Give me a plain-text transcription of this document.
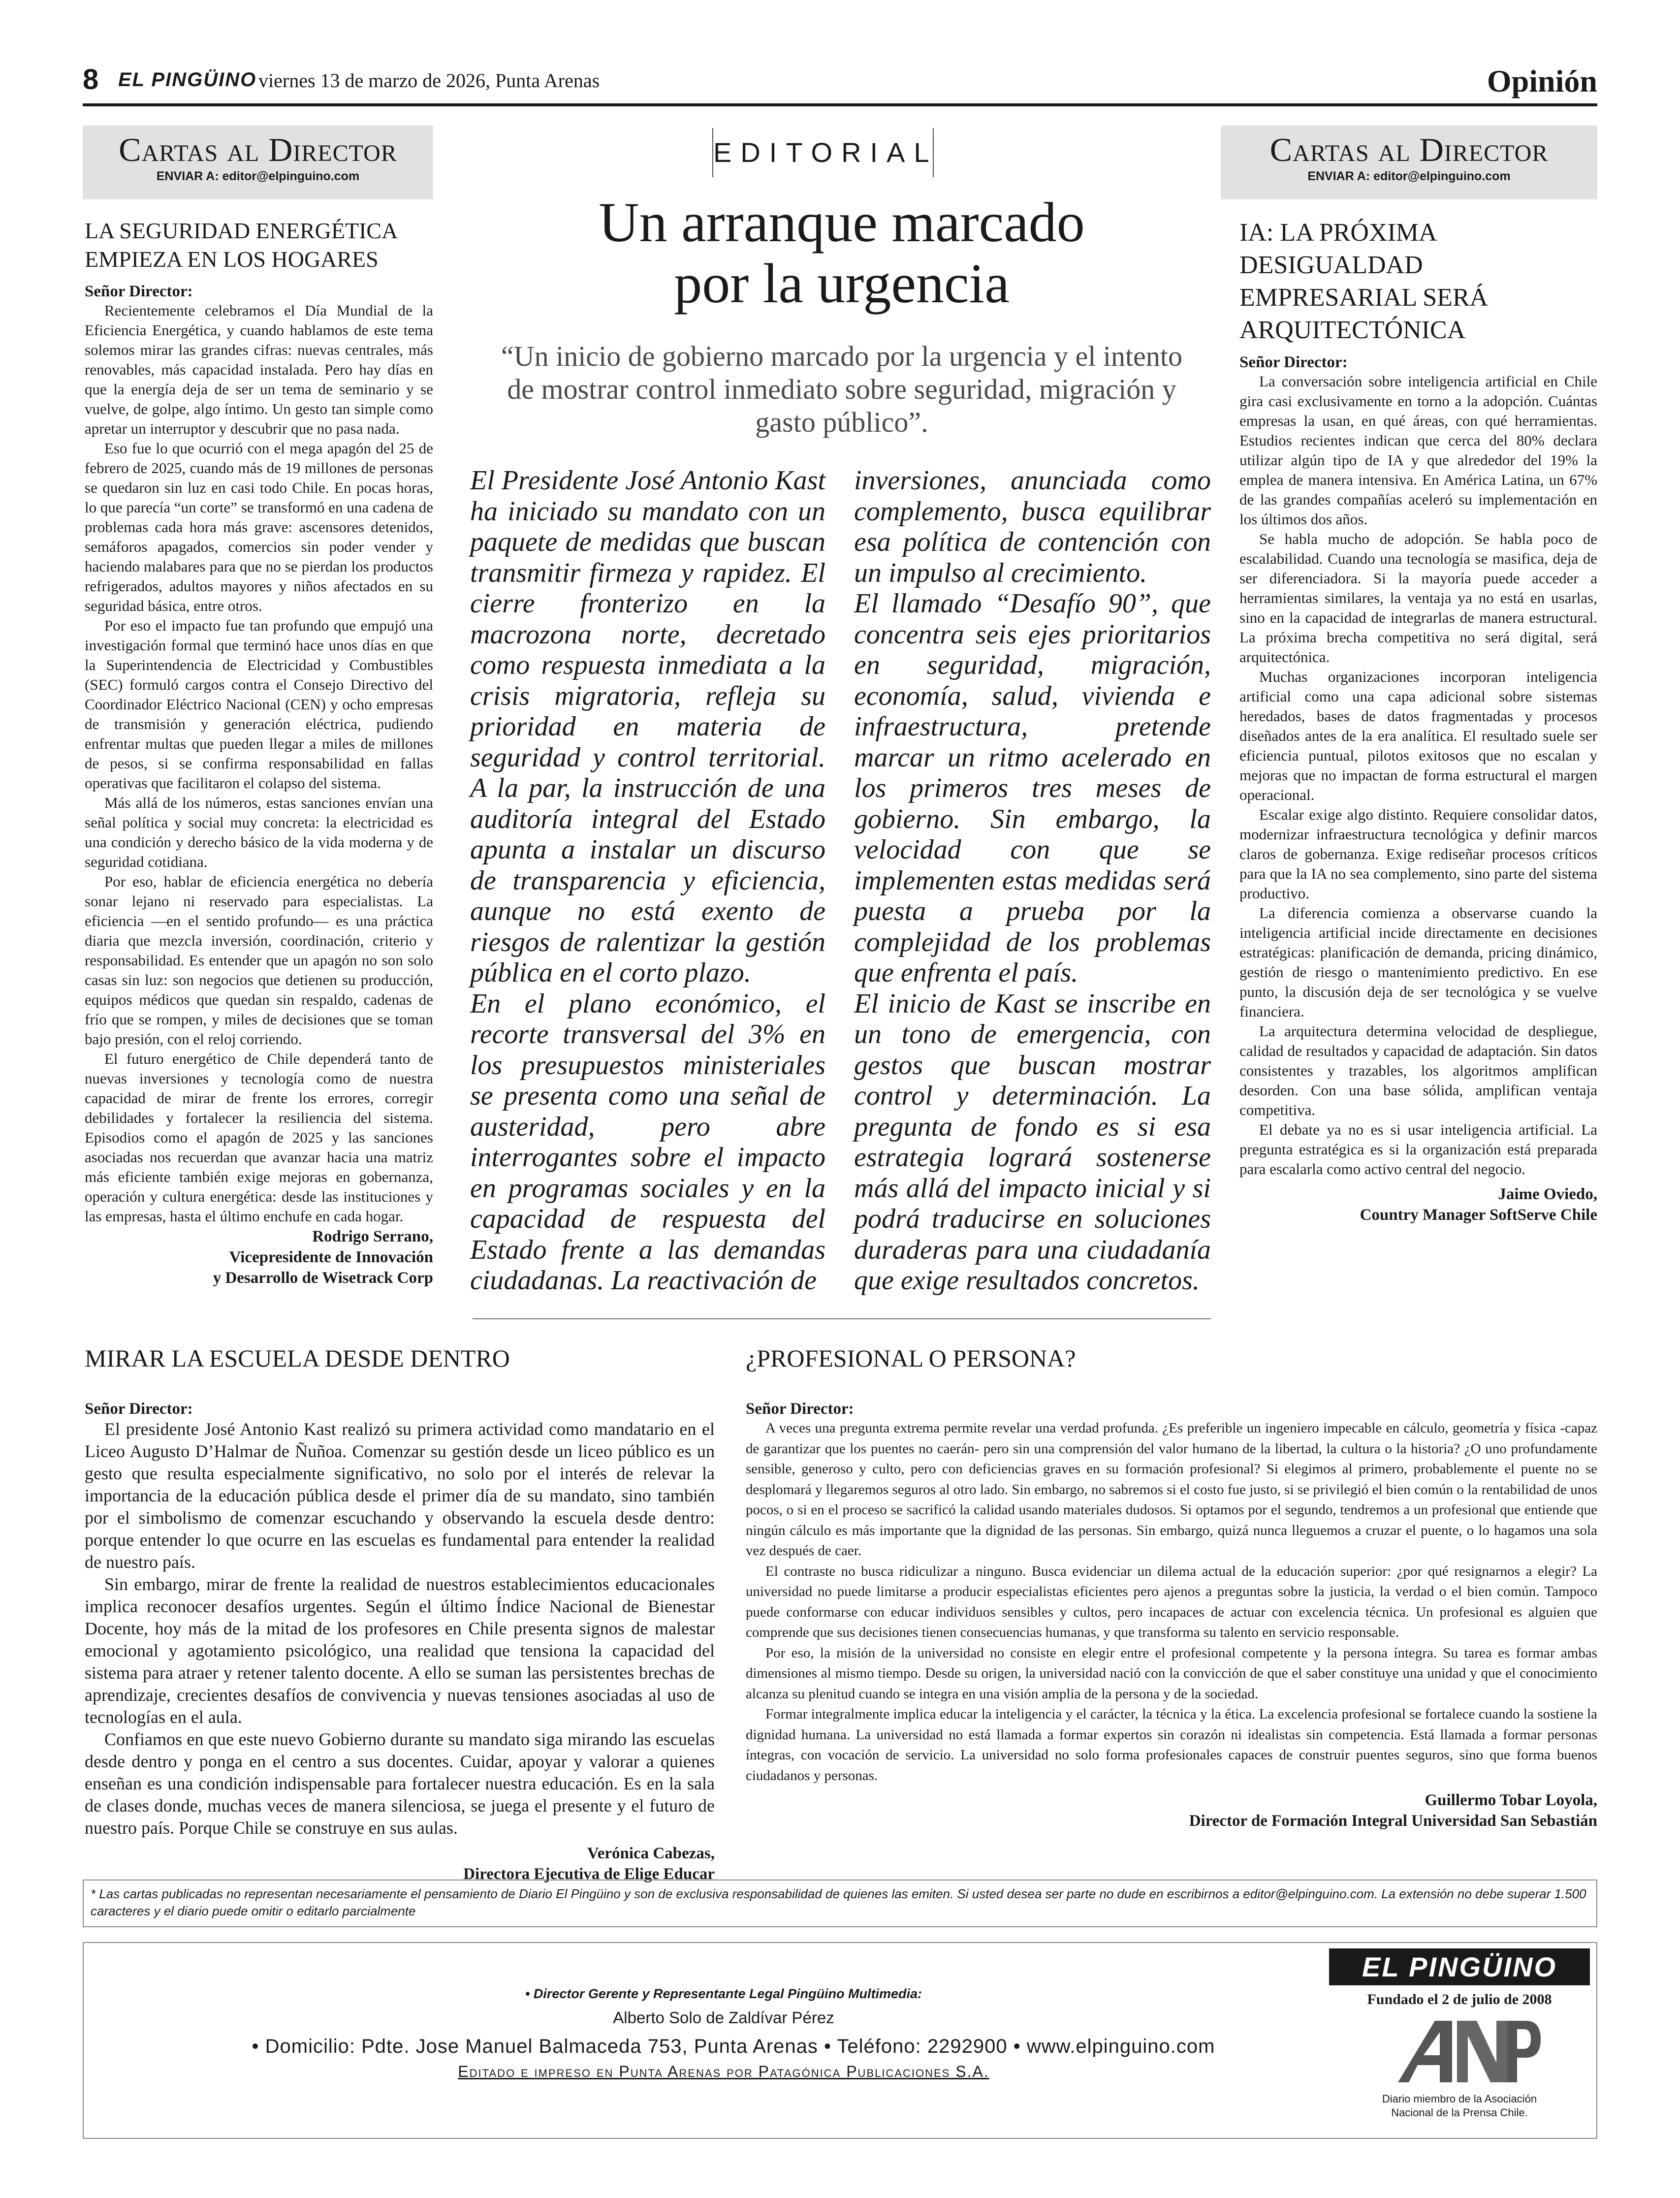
8 EL PINGÜINO viernes 13 de marzo de 2026, Punta Arenas	Opinión
Cartas al Director
ENVIAR A: editor@elpinguino.com
LA SEGURIDAD ENERGÉTICA EMPIEZA EN LOS HOGARES
Señor Director:

Recientemente celebramos el Día Mundial de la Eficiencia Energética, y cuando hablamos de este tema solemos mirar las grandes cifras: nuevas centrales, más renovables, más capacidad instalada. Pero hay días en que la energía deja de ser un tema de seminario y se vuelve, de golpe, algo íntimo. Un gesto tan simple como apretar un interruptor y descubrir que no pasa nada.

Eso fue lo que ocurrió con el mega apagón del 25 de febrero de 2025, cuando más de 19 millones de personas se quedaron sin luz en casi todo Chile. En pocas horas, lo que parecía “un corte” se transformó en una cadena de problemas cada hora más grave: ascensores detenidos, semáforos apagados, comercios sin poder vender y haciendo malabares para que no se pierdan los productos refrigerados, adultos mayores y niños afectados en su seguridad básica, entre otros.

Por eso el impacto fue tan profundo que empujó una investigación formal que terminó hace unos días en que la Superintendencia de Electricidad y Combustibles (SEC) formuló cargos contra el Consejo Directivo del Coordinador Eléctrico Nacional (CEN) y ocho empresas de transmisión y generación eléctrica, pudiendo enfrentar multas que pueden llegar a miles de millones de pesos, si se confirma responsabilidad en fallas operativas que facilitaron el colapso del sistema.

Más allá de los números, estas sanciones envían una señal política y social muy concreta: la electricidad es una condición y derecho básico de la vida moderna y de seguridad cotidiana.

Por eso, hablar de eficiencia energética no debería sonar lejano ni reservado para especialistas. La eficiencia —en el sentido profundo— es una práctica diaria que mezcla inversión, coordinación, criterio y responsabilidad. Es entender que un apagón no son solo casas sin luz: son negocios que detienen su producción, equipos médicos que quedan sin respaldo, cadenas de frío que se rompen, y miles de decisiones que se toman bajo presión, con el reloj corriendo.

El futuro energético de Chile dependerá tanto de nuevas inversiones y tecnología como de nuestra capacidad de mirar de frente los errores, corregir debilidades y fortalecer la resiliencia del sistema. Episodios como el apagón de 2025 y las sanciones asociadas nos recuerdan que avanzar hacia una matriz más eficiente también exige mejoras en gobernanza, operación y cultura energética: desde las instituciones y las empresas, hasta el último enchufe en cada hogar.

Rodrigo Serrano,
Vicepresidente de Innovación
y Desarrollo de Wisetrack Corp
EDITORIAL
Un arranque marcado
por la urgencia
“Un inicio de gobierno marcado por la urgencia y el intento de mostrar control inmediato sobre seguridad, migración y gasto público”.
El Presidente José Antonio Kast ha iniciado su mandato con un paquete de medidas que buscan transmitir firmeza y rapidez. El cierre fronterizo en la macrozona norte, decretado como respuesta inmediata a la crisis migratoria, refleja su prioridad en materia de seguridad y control territorial. A la par, la instrucción de una auditoría integral del Estado apunta a instalar un discurso de transparencia y eficiencia, aunque no está exento de riesgos de ralentizar la gestión pública en el corto plazo.
En el plano económico, el recorte transversal del 3% en los presupuestos ministeriales se presenta como una señal de austeridad, pero abre interrogantes sobre el impacto en programas sociales y en la capacidad de respuesta del Estado frente a las demandas ciudadanas. La reactivación de
inversiones, anunciada como complemento, busca equilibrar esa política de contención con un impulso al crecimiento.
El llamado “Desafío 90”, que concentra seis ejes prioritarios en seguridad, migración, economía, salud, vivienda e infraestructura, pretende marcar un ritmo acelerado en los primeros tres meses de gobierno. Sin embargo, la velocidad con que se implementen estas medidas será puesta a prueba por la complejidad de los problemas que enfrenta el país.
El inicio de Kast se inscribe en un tono de emergencia, con gestos que buscan mostrar control y determinación. La pregunta de fondo es si esa estrategia logrará sostenerse más allá del impacto inicial y si podrá traducirse en soluciones duraderas para una ciudadanía que exige resultados concretos.
Cartas al Director
ENVIAR A: editor@elpinguino.com
IA: LA PRÓXIMA DESIGUALDAD EMPRESARIAL SERÁ ARQUITECTÓNICA
Señor Director:

La conversación sobre inteligencia artificial en Chile gira casi exclusivamente en torno a la adopción. Cuántas empresas la usan, en qué áreas, con qué herramientas. Estudios recientes indican que cerca del 80% declara utilizar algún tipo de IA y que alrededor del 19% la emplea de manera intensiva. En América Latina, un 67% de las grandes compañías aceleró su implementación en los últimos dos años.

Se habla mucho de adopción. Se habla poco de escalabilidad. Cuando una tecnología se masifica, deja de ser diferenciadora. Si la mayoría puede acceder a herramientas similares, la ventaja ya no está en usarlas, sino en la capacidad de integrarlas de manera estructural. La próxima brecha competitiva no será digital, será arquitectónica.

Muchas organizaciones incorporan inteligencia artificial como una capa adicional sobre sistemas heredados, bases de datos fragmentadas y procesos diseñados antes de la era analítica. El resultado suele ser eficiencia puntual, pilotos exitosos que no escalan y mejoras que no impactan de forma estructural el margen operacional.

Escalar exige algo distinto. Requiere consolidar datos, modernizar infraestructura tecnológica y definir marcos claros de gobernanza. Exige rediseñar procesos críticos para que la IA no sea complemento, sino parte del sistema productivo.

La diferencia comienza a observarse cuando la inteligencia artificial incide directamente en decisiones estratégicas: planificación de demanda, pricing dinámico, gestión de riesgo o mantenimiento predictivo. En ese punto, la discusión deja de ser tecnológica y se vuelve financiera.

La arquitectura determina velocidad de despliegue, calidad de resultados y capacidad de adaptación. Sin datos consistentes y trazables, los algoritmos amplifican desorden. Con una base sólida, amplifican ventaja competitiva.

El debate ya no es si usar inteligencia artificial. La pregunta estratégica es si la organización está preparada para escalarla como activo central del negocio.

Jaime Oviedo,
Country Manager SoftServe Chile
MIRAR LA ESCUELA DESDE DENTRO
Señor Director:

El presidente José Antonio Kast realizó su primera actividad como mandatario en el Liceo Augusto D’Halmar de Ñuñoa. Comenzar su gestión desde un liceo público es un gesto que resulta especialmente significativo, no solo por el interés de relevar la importancia de la educación pública desde el primer día de su mandato, sino también por el simbolismo de comenzar escuchando y observando la escuela desde dentro: porque entender lo que ocurre en las escuelas es fundamental para entender la realidad de nuestro país.

Sin embargo, mirar de frente la realidad de nuestros establecimientos educacionales implica reconocer desafíos urgentes. Según el último Índice Nacional de Bienestar Docente, hoy más de la mitad de los profesores en Chile presenta signos de malestar emocional y agotamiento psicológico, una realidad que tensiona la capacidad del sistema para atraer y retener talento docente. A ello se suman las persistentes brechas de aprendizaje, crecientes desafíos de convivencia y nuevas tensiones asociadas al uso de tecnologías en el aula.

Confiamos en que este nuevo Gobierno durante su mandato siga mirando las escuelas desde dentro y ponga en el centro a sus docentes. Cuidar, apoyar y valorar a quienes enseñan es una condición indispensable para fortalecer nuestra educación. Es en la sala de clases donde, muchas veces de manera silenciosa, se juega el presente y el futuro de nuestro país. Porque Chile se construye en sus aulas.

Verónica Cabezas,
Directora Ejecutiva de Elige Educar
¿PROFESIONAL O PERSONA?
Señor Director:

A veces una pregunta extrema permite revelar una verdad profunda. ¿Es preferible un ingeniero impecable en cálculo, geometría y física -capaz de garantizar que los puentes no caerán- pero sin una comprensión del valor humano de la libertad, la cultura o la historia? ¿O uno profundamente sensible, generoso y culto, pero con deficiencias graves en su formación profesional? Si elegimos al primero, probablemente el puente no se desplomará y llegaremos seguros al otro lado. Sin embargo, no sabremos si el costo fue justo, si se privilegió el bien común o la rentabilidad de unos pocos, o si en el proceso se sacrificó la calidad usando materiales dudosos. Si optamos por el segundo, tendremos a un profesional que entiende que ningún cálculo es más importante que la dignidad de las personas. Sin embargo, quizá nunca lleguemos a cruzar el puente, o lo hagamos una sola vez después de caer.

El contraste no busca ridiculizar a ninguno. Busca evidenciar un dilema actual de la educación superior: ¿por qué resignarnos a elegir? La universidad no puede limitarse a producir especialistas eficientes pero ajenos a preguntas sobre la justicia, la verdad o el bien común. Tampoco puede conformarse con educar individuos sensibles y cultos, pero incapaces de actuar con excelencia técnica. Un profesional es alguien que comprende que sus decisiones tienen consecuencias humanas, y que transforma su talento en servicio responsable.

Por eso, la misión de la universidad no consiste en elegir entre el profesional competente y la persona íntegra. Su tarea es formar ambas dimensiones al mismo tiempo. Desde su origen, la universidad nació con la convicción de que el saber constituye una unidad y que el conocimiento alcanza su plenitud cuando se integra en una visión amplia de la persona y de la sociedad.

Formar integralmente implica educar la inteligencia y el carácter, la técnica y la ética. La excelencia profesional se fortalece cuando la sostiene la dignidad humana. La universidad no está llamada a formar expertos sin corazón ni idealistas sin competencia. Está llamada a formar personas íntegras, con vocación de servicio. La universidad no solo forma profesionales capaces de construir puentes seguros, sino que forma buenos ciudadanos y personas.

Guillermo Tobar Loyola,
Director de Formación Integral Universidad San Sebastián
* Las cartas publicadas no representan necesariamente el pensamiento de Diario El Pingüino y son de exclusiva responsabilidad de quienes las emiten. Si usted desea ser parte no dude en escribirnos a editor@elpinguino.com. La extensión no debe superar 1.500 caracteres y el diario puede omitir o editarlo parcialmente
• Director Gerente y Representante Legal Pingüino Multimedia:
Alberto Solo de Zaldívar Pérez
• Domicilio: Pdte. Jose Manuel Balmaceda 753, Punta Arenas • Teléfono: 2292900 • www.elpinguino.com
Editado e impreso en Punta Arenas por Patagónica Publicaciones S.A.
EL PINGÜINO
Fundado el 2 de julio de 2008
Diario miembro de la Asociación
Nacional de la Prensa Chile.
